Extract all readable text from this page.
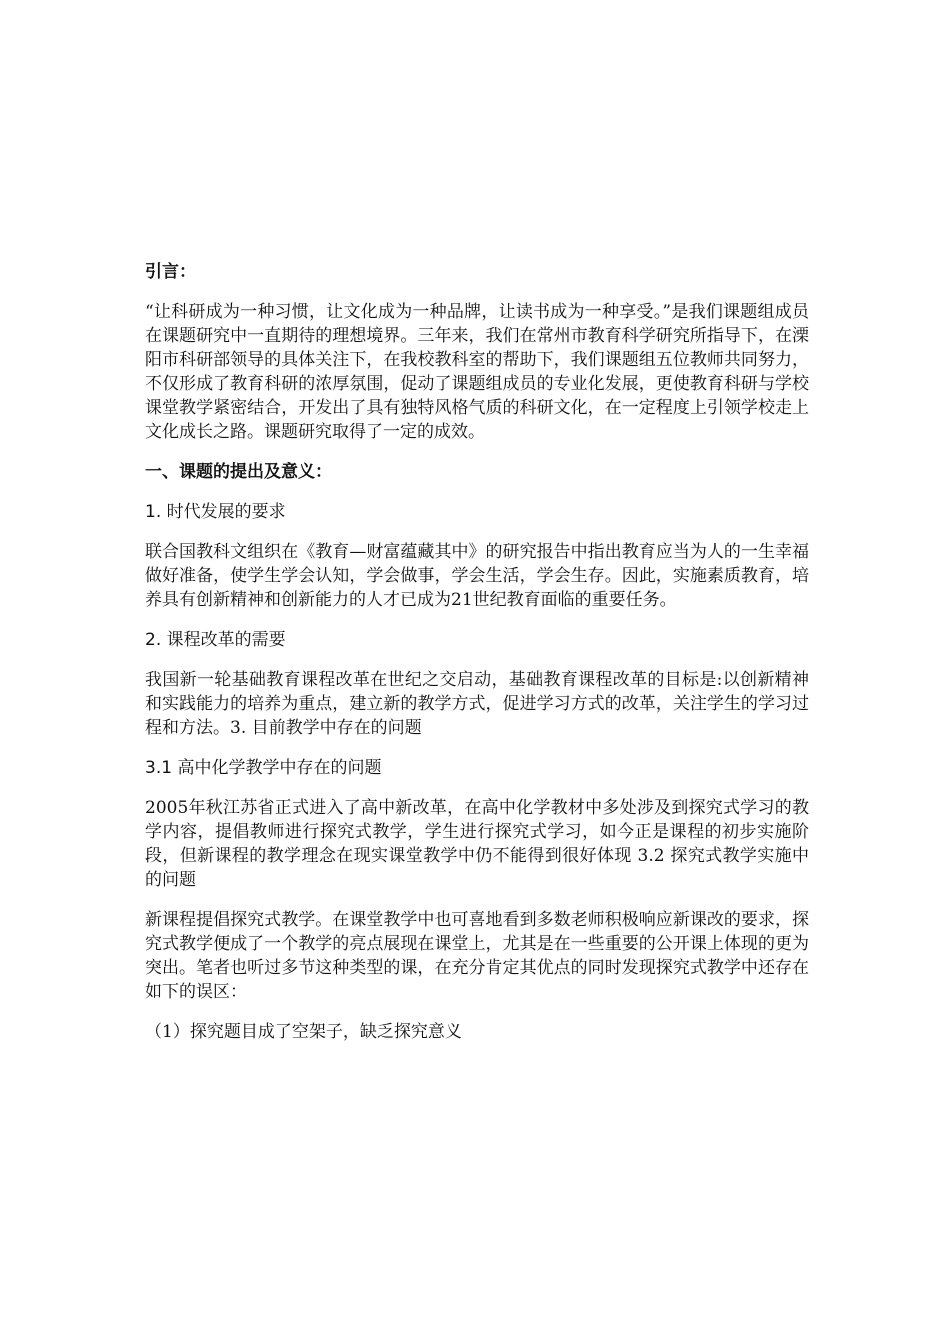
引言：

“让科研成为一种习惯，让文化成为一种品牌，让读书成为一种享受。”是我们课题组成员在课题研究中一直期待的理想境界。三年来，我们在常州市教育科学研究所指导下，在溧阳市科研部领导的具体关注下，在我校教科室的帮助下，我们课题组五位教师共同努力，不仅形成了教育科研的浓厚氛围，促动了课题组成员的专业化发展，更使教育科研与学校课堂教学紧密结合，开发出了具有独特风格气质的科研文化，在一定程度上引领学校走上文化成长之路。课题研究取得了一定的成效。

一、课题的提出及意义：
1. 时代发展的要求

联合国教科文组织在《教育—财富蕴藏其中》的研究报告中指出教育应当为人的一生幸福做好准备，使学生学会认知，学会做事，学会生活，学会生存。因此，实施素质教育，培养具有创新精神和创新能力的人才已成为21世纪教育面临的重要任务。

2. 课程改革的需要

我国新一轮基础教育课程改革在世纪之交启动，基础教育课程改革的目标是:以创新精神和实践能力的培养为重点，建立新的教学方式，促进学习方式的改革，关注学生的学习过程和方法。3. 目前教学中存在的问题

3.1 高中化学教学中存在的问题

2005年秋江苏省正式进入了高中新改革，在高中化学教材中多处涉及到探究式学习的教学内容，提倡教师进行探究式教学，学生进行探究式学习，如今正是课程的初步实施阶段，但新课程的教学理念在现实课堂教学中仍不能得到很好体现 3.2 探究式教学实施中的问题

新课程提倡探究式教学。在课堂教学中也可喜地看到多数老师积极响应新课改的要求，探究式教学便成了一个教学的亮点展现在课堂上，尤其是在一些重要的公开课上体现的更为突出。笔者也听过多节这种类型的课，在充分肯定其优点的同时发现探究式教学中还存在如下的误区：

（1）探究题目成了空架子，缺乏探究意义
